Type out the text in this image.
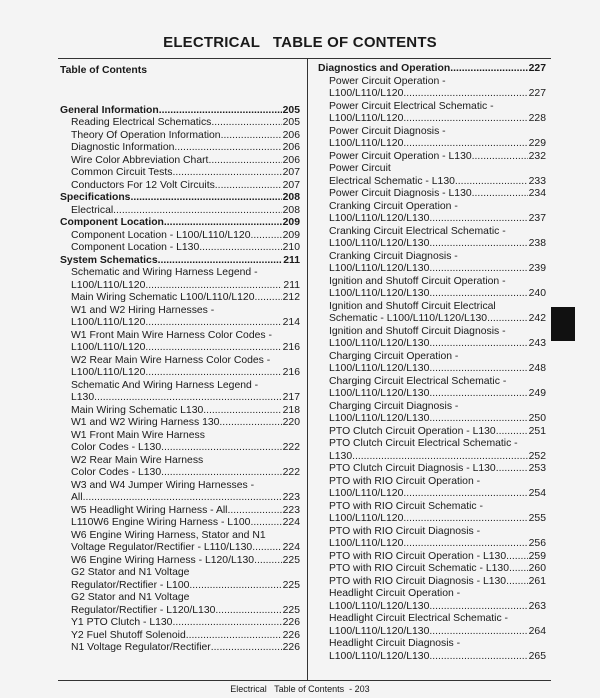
ELECTRICAL   TABLE OF CONTENTS
Table of Contents
General Information .....	205
Reading Electrical Schematics .....	205
Theory Of Operation Information .....	206
Diagnostic Information .....	206
Wire Color Abbreviation Chart .....	206
Common Circuit Tests .....	207
Conductors For 12 Volt Circuits .....	207
Specifications .....	208
Electrical .....	208
Component Location .....	209
Component Location - L100/L110/L120 .....	209
Component Location - L130 .....	210
System Schematics .....	211
Schematic and Wiring Harness Legend -
L100/L110/L120 .....	211
Main Wiring Schematic L100/L110/L120 .....	212
W1 and W2 Hiring Harnesses -
L100/L110/L120 .....	214
W1 Front Main Wire Harness Color Codes -
L100/L110/L120 .....	216
W2 Rear Main Wire Harness Color Codes -
L100/L110/L120 .....	216
Schematic And Wiring Harness Legend -
L130 .....	217
Main Wiring Schematic L130 .....	218
W1 and W2 Wiring Harness 130 .....	220
W1 Front Main Wire Harness
Color Codes - L130 .....	222
W2 Rear Main Wire Harness
Color Codes - L130 .....	222
W3 and W4 Jumper Wiring Harnesses -
All .....	223
W5 Headlight Wiring Harness - All .....	223
L110W6 Engine Wiring Harness - L100 .....	224
W6 Engine Wiring Harness, Stator and N1
Voltage Regulator/Rectifier - L110/L130 .....	224
W6 Engine Wiring Harness - L120/L130 .....	225
G2 Stator and N1 Voltage
Regulator/Rectifier - L100 .....	225
G2 Stator and N1 Voltage
Regulator/Rectifier - L120/L130 .....	225
Y1 PTO Clutch - L130 .....	226
Y2 Fuel Shutoff Solenoid .....	226
N1 Voltage Regulator/Rectifier .....	226
Diagnostics and Operation .....	227
Power Circuit Operation -
L100/L110/L120 .....	227
Power Circuit Electrical Schematic -
L100/L110/L120 .....	228
Power Circuit Diagnosis -
L100/L110/L120 .....	229
Power Circuit Operation - L130 .....	232
Power Circuit
Electrical Schematic - L130 .....	233
Power Circuit Diagnosis - L130 .....	234
Cranking Circuit Operation -
L100/L110/L120/L130 .....	237
Cranking Circuit Electrical Schematic -
L100/L110/L120/L130 .....	238
Cranking Circuit Diagnosis -
L100/L110/L120/L130 .....	239
Ignition and Shutoff Circuit Operation -
L100/L110/L120/L130 .....	240
Ignition and Shutoff Circuit Electrical
Schematic - L100/L110/L120/L130 .....	242
Ignition and Shutoff Circuit Diagnosis -
L100/L110/L120/L130 .....	243
Charging Circuit Operation -
L100/L110/L120/L130 .....	248
Charging Circuit Electrical Schematic -
L100/L110/L120/L130 .....	249
Charging Circuit Diagnosis -
L100/L110/L120/L130 .....	250
PTO Clutch Circuit Operation - L130 .....	251
PTO Clutch Circuit Electrical Schematic -
L130 .....	252
PTO Clutch Circuit Diagnosis - L130 .....	253
PTO with RIO Circuit Operation -
L100/L110/L120 .....	254
PTO with RIO Circuit Schematic -
L100/L110/L120 .....	255
PTO with RIO Circuit Diagnosis -
L100/L110/L120 .....	256
PTO with RIO Circuit Operation - L130 ..... 259
PTO with RIO Circuit Schematic - L130 ..... 260
PTO with RIO Circuit Diagnosis - L130 ..... 261
Headlight Circuit Operation -
L100/L110/L120/L130 .....	263
Headlight Circuit Electrical Schematic -
L100/L110/L120/L130 .....	264
Headlight Circuit Diagnosis -
L100/L110/L120/L130 .....	265
Electrical   Table of Contents  - 203
